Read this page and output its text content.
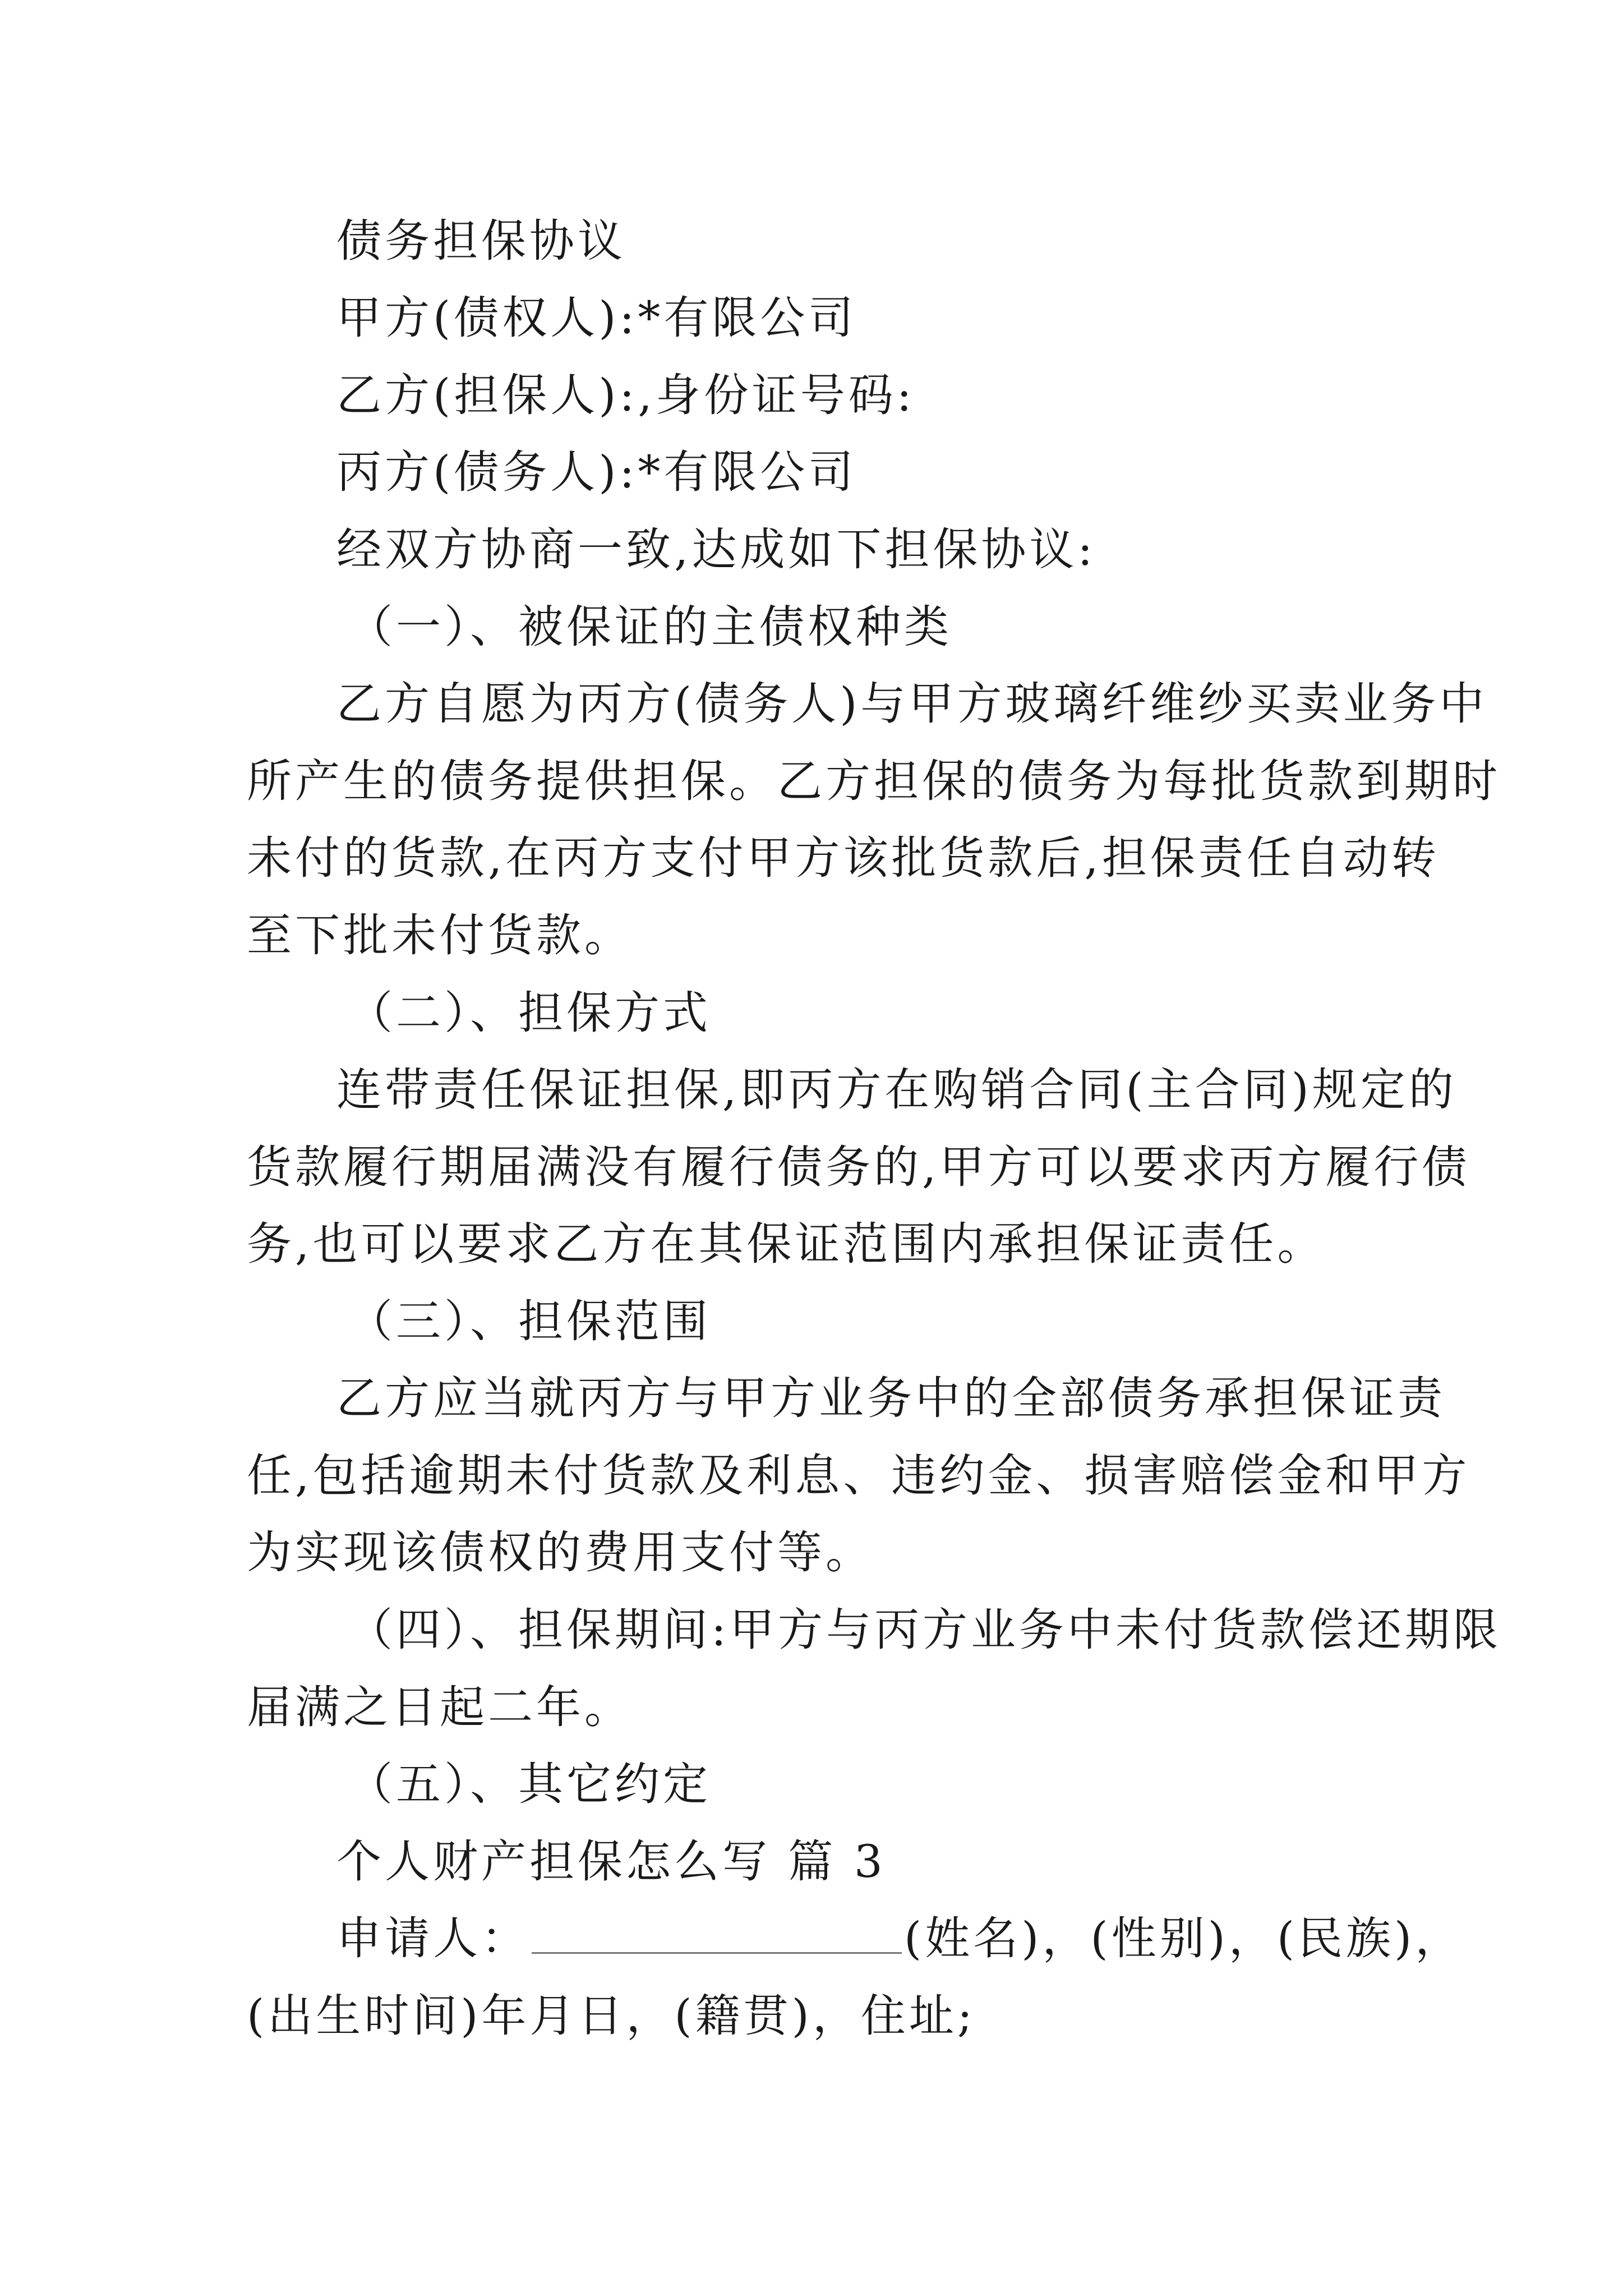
债务担保协议
甲方(债权人):*有限公司
乙方(担保人):,身份证号码:
丙方(债务人):*有限公司
经双方协商一致,达成如下担保协议:
（一）、被保证的主债权种类
乙方自愿为丙方(债务人)与甲方玻璃纤维纱买卖业务中
所产生的债务提供担保。乙方担保的债务为每批货款到期时
未付的货款,在丙方支付甲方该批货款后,担保责任自动转
至下批未付货款。
（二）、担保方式
连带责任保证担保,即丙方在购销合同(主合同)规定的
货款履行期届满没有履行债务的,甲方可以要求丙方履行债
务,也可以要求乙方在其保证范围内承担保证责任。
（三）、担保范围
乙方应当就丙方与甲方业务中的全部债务承担保证责
任,包括逾期未付货款及利息、违约金、损害赔偿金和甲方
为实现该债权的费用支付等。
（四）、担保期间:甲方与丙方业务中未付货款偿还期限
届满之日起二年。
（五）、其它约定
个人财产担保怎么写 篇 3
申请人：	(姓名)，(性别)，(民族)，
(出生时间)年月日，(籍贯)，住址;
